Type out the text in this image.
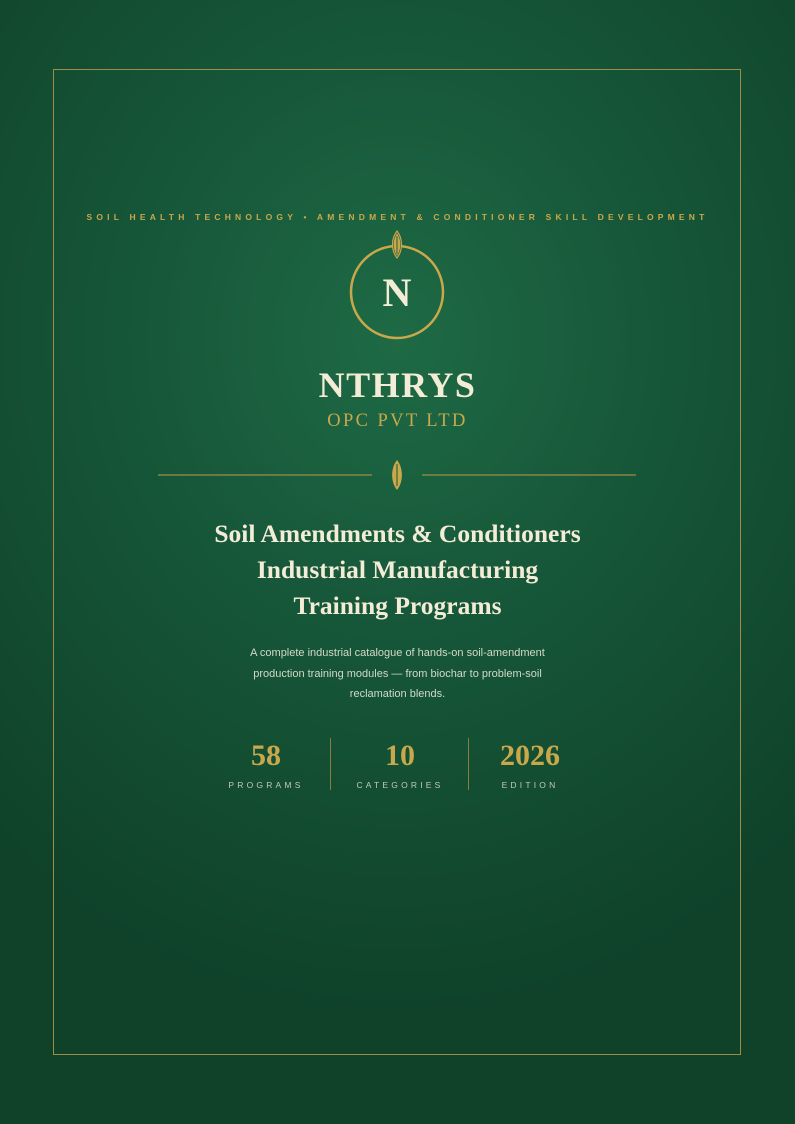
SOIL HEALTH TECHNOLOGY • AMENDMENT & CONDITIONER SKILL DEVELOPMENT
N
NTHRYS
OPC PVT LTD
Soil Amendments & Conditioners
Industrial Manufacturing
Training Programs
A complete industrial catalogue of hands-on soil-amendment
production training modules — from biochar to problem-soil
reclamation blends.
58
PROGRAMS
10
CATEGORIES
2026
EDITION
